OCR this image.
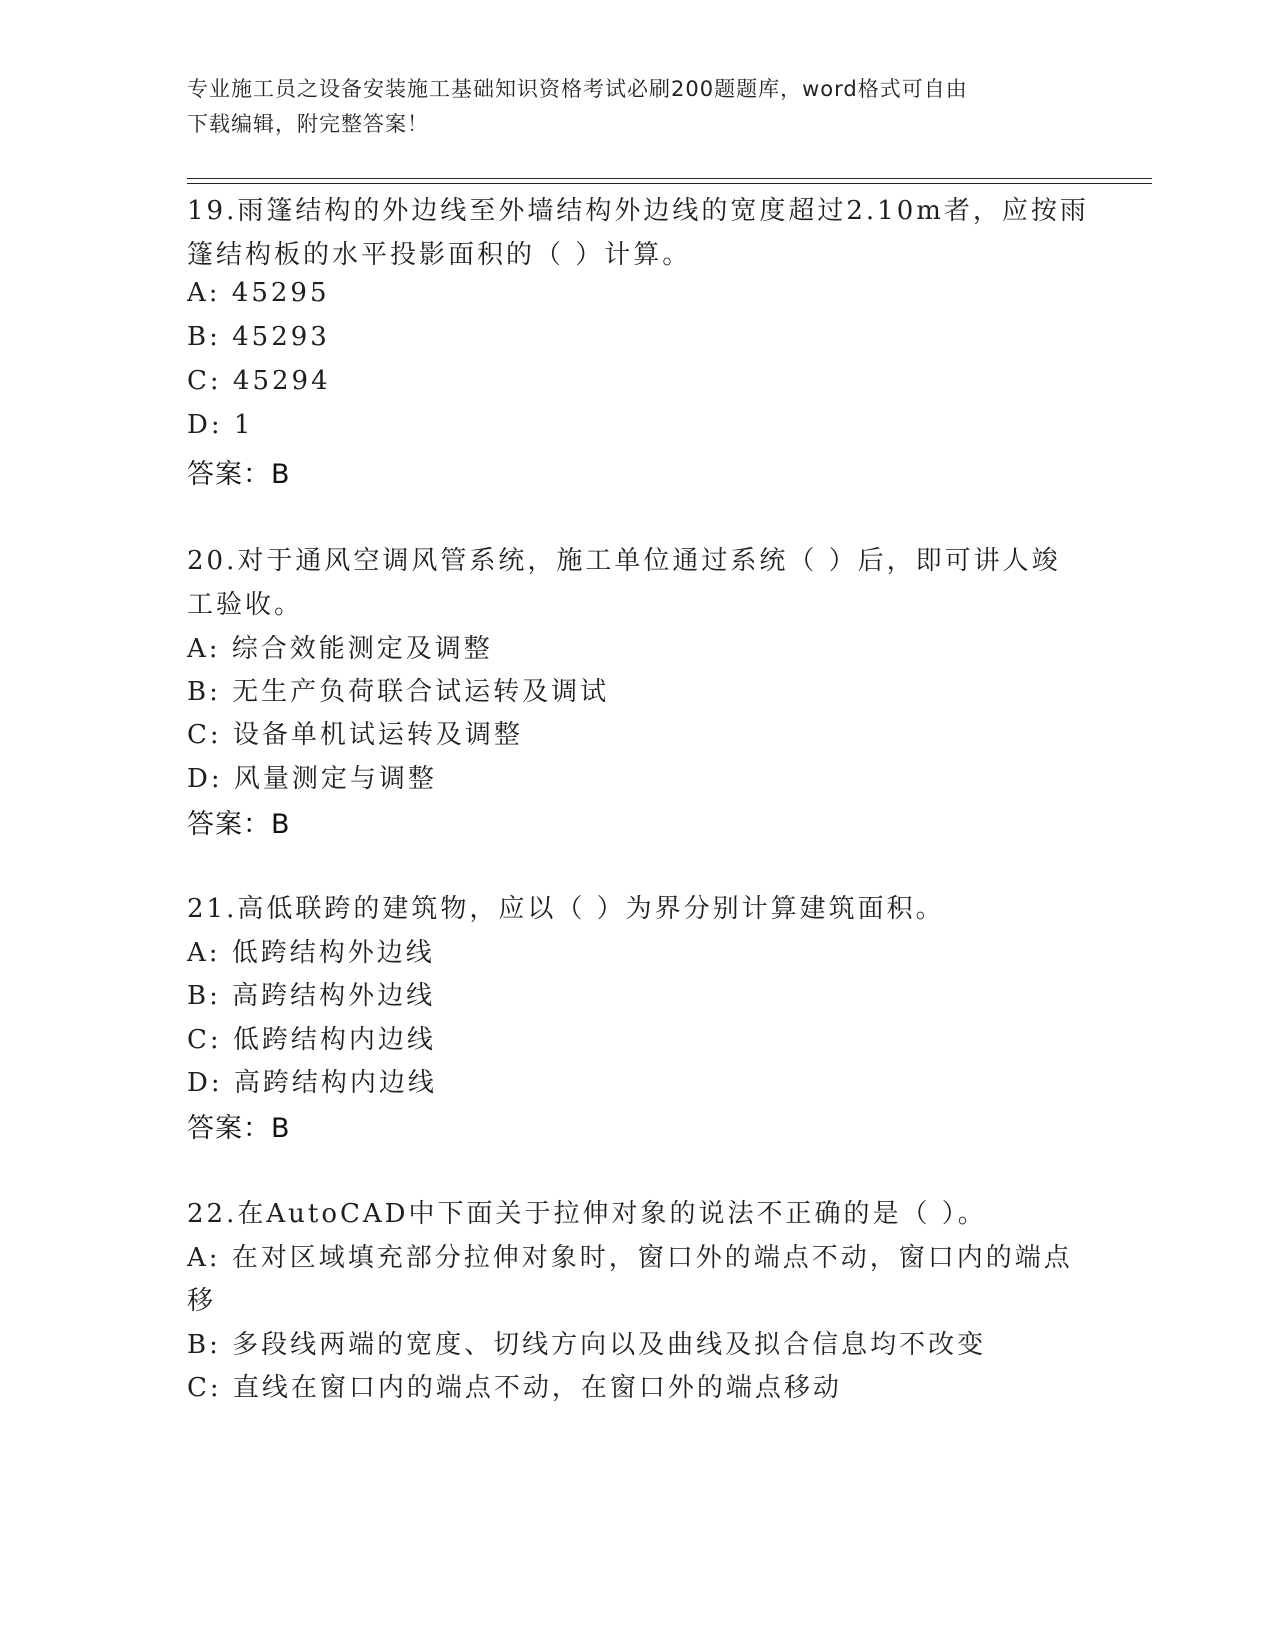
专业施工员之设备安装施工基础知识资格考试必刷200题题库，word格式可自由
下载编辑，附完整答案！
19.雨篷结构的外边线至外墙结构外边线的宽度超过2.10m者，应按雨
篷结构板的水平投影面积的（ ）计算。
A: 45295
B: 45293
C: 45294
D: 1
答案：B
20.对于通风空调风管系统，施工单位通过系统（ ）后，即可讲人竣
工验收。
A: 综合效能测定及调整
B: 无生产负荷联合试运转及调试
C: 设备单机试运转及调整
D: 风量测定与调整
答案：B
21.高低联跨的建筑物，应以（ ）为界分别计算建筑面积。
A: 低跨结构外边线
B: 高跨结构外边线
C: 低跨结构内边线
D: 高跨结构内边线
答案：B
22.在AutoCAD中下面关于拉伸对象的说法不正确的是（ ）。
A: 在对区域填充部分拉伸对象时，窗口外的端点不动，窗口内的端点
移
B: 多段线两端的宽度、切线方向以及曲线及拟合信息均不改变
C: 直线在窗口内的端点不动，在窗口外的端点移动
